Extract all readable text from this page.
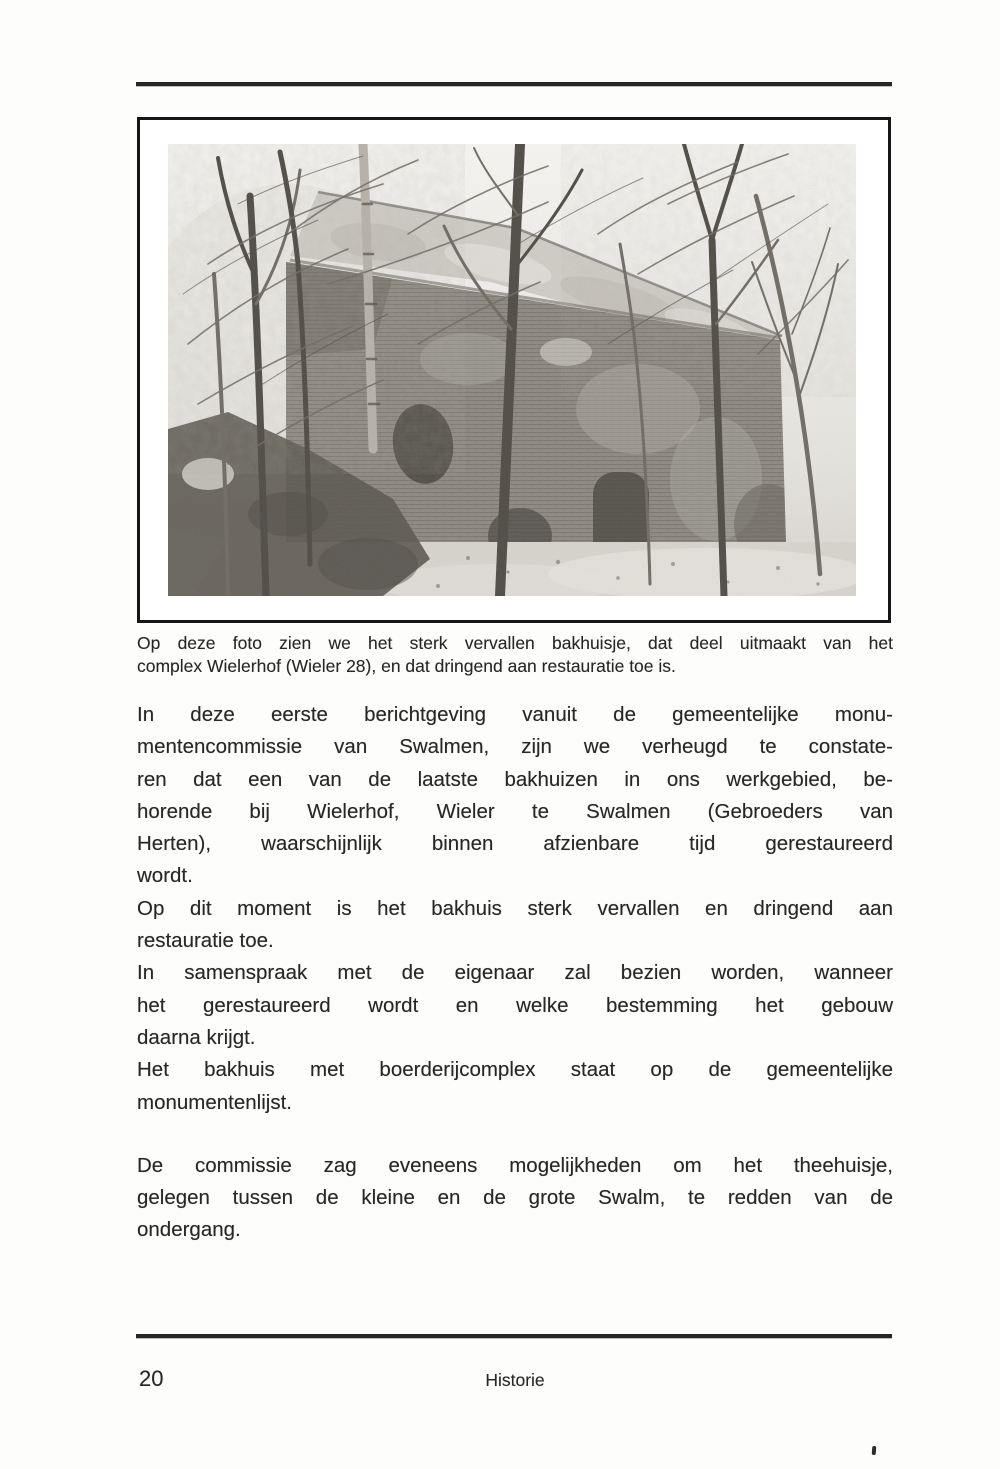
Op deze foto zien we het sterk vervallen bakhuisje, dat deel uitmaakt van het
complex Wielerhof (Wieler 28), en dat dringend aan restauratie toe is.

In deze eerste berichtgeving vanuit de gemeentelijke monu-
mentencommissie van Swalmen, zijn we verheugd te constate-
ren dat een van de laatste bakhuizen in ons werkgebied, be-
horende bij Wielerhof, Wieler te Swalmen (Gebroeders van
Herten), waarschijnlijk binnen afzienbare tijd gerestaureerd
wordt.

Op dit moment is het bakhuis sterk vervallen en dringend aan
restauratie toe.

In samenspraak met de eigenaar zal bezien worden, wanneer
het gerestaureerd wordt en welke bestemming het gebouw
daarna krijgt.

Het bakhuis met boerderijcomplex staat op de gemeentelijke
monumentenlijst.

De commissie zag eveneens mogelijkheden om het theehuisje,
gelegen tussen de kleine en de grote Swalm, te redden van de
ondergang.

20	Historie
